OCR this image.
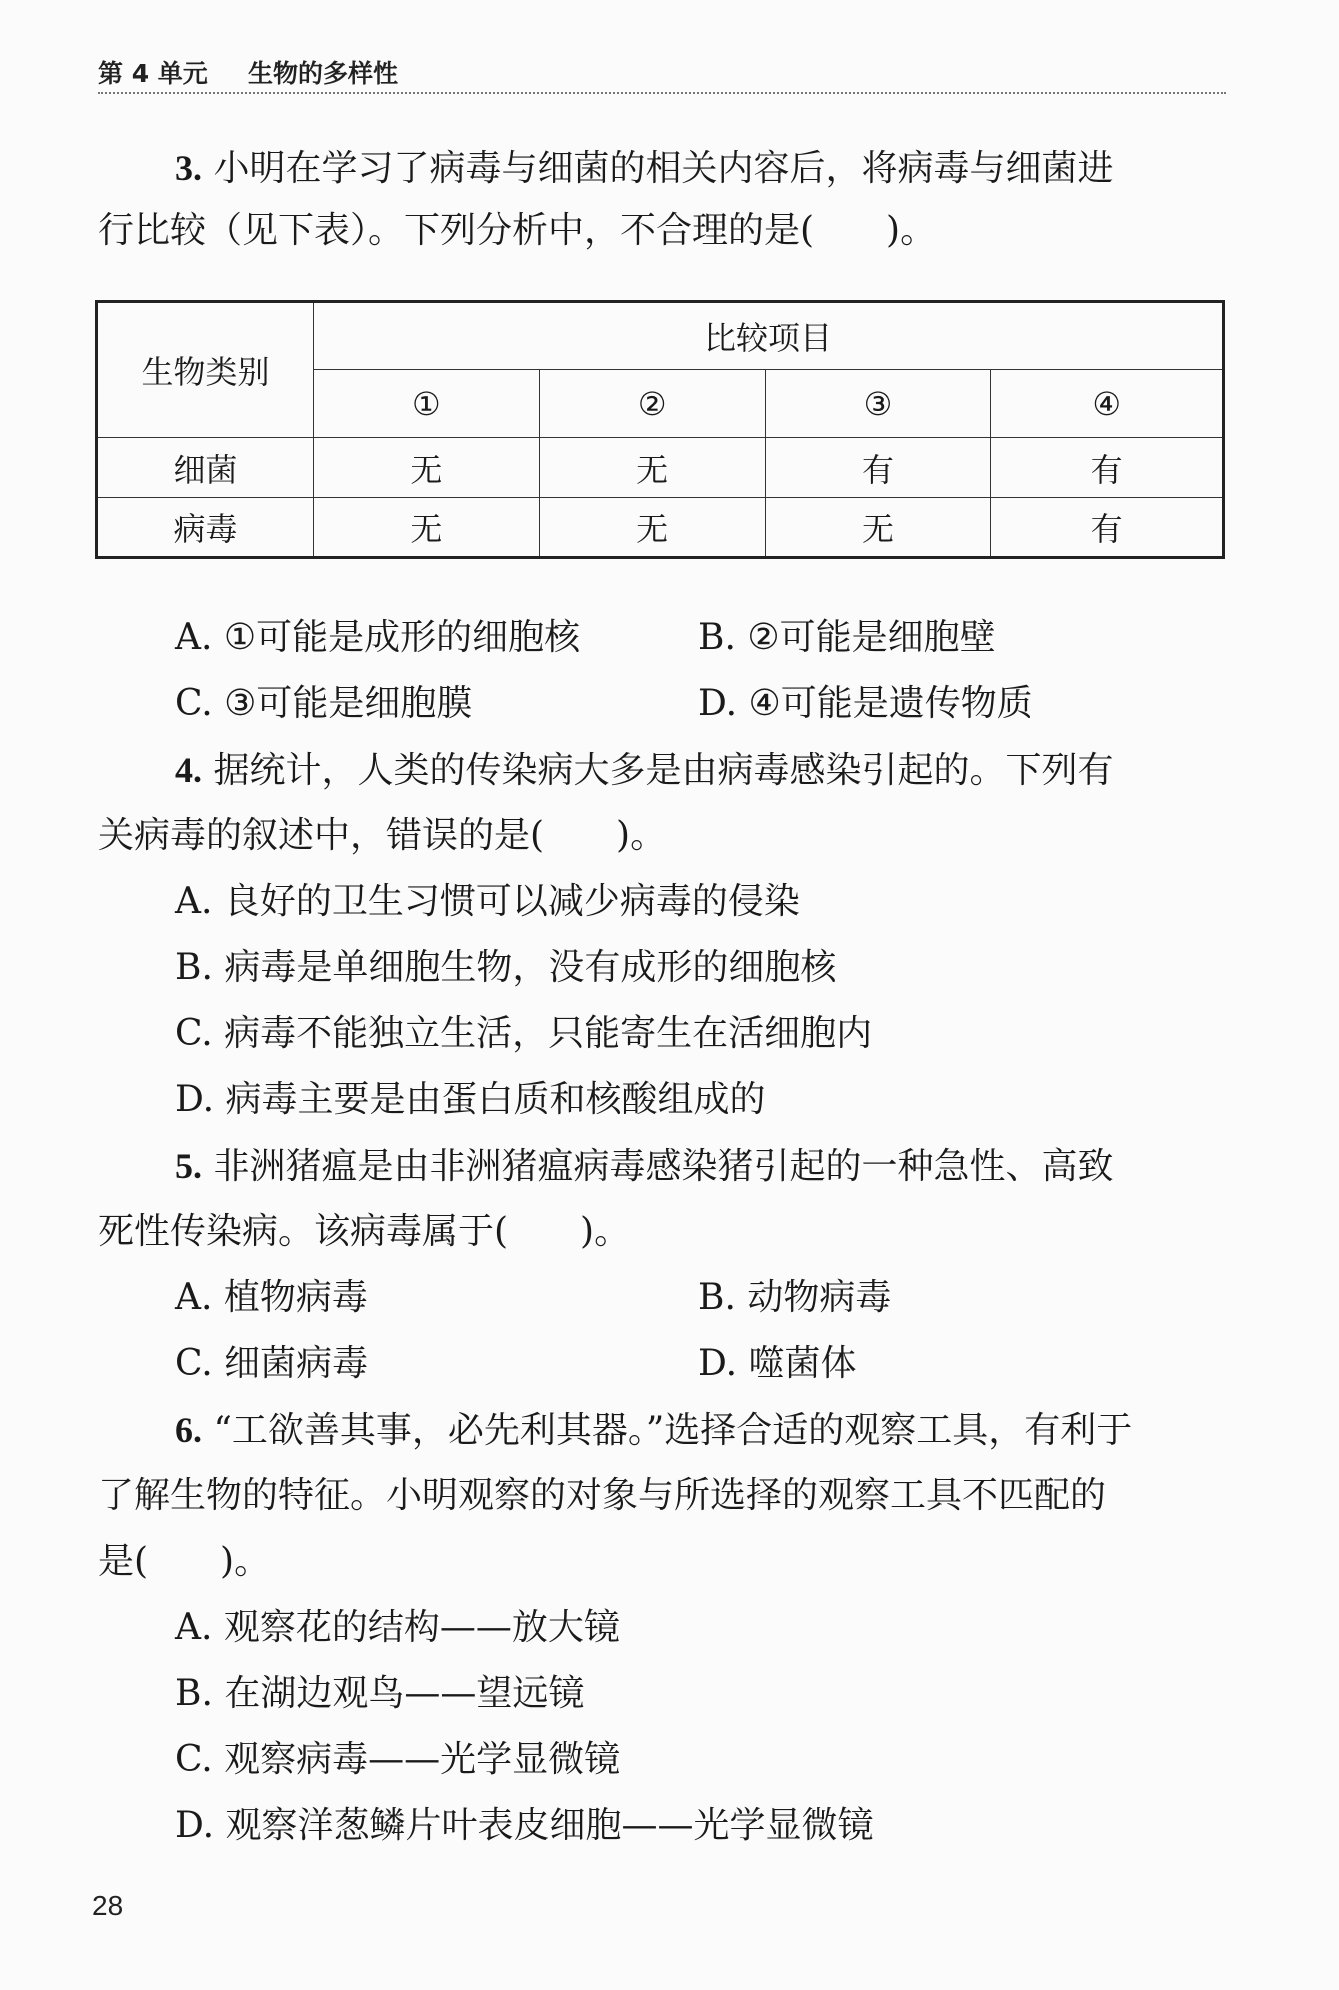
第 4 单元 生物的多样性
3. 小明在学习了病毒与细菌的相关内容后，将病毒与细菌进
行比较（见下表）。下列分析中，不合理的是(　　)。
生物类别	比较项目			
	①	②	③	④
细菌	无	无	有	有
病毒	无	无	无	有
A. ①可能是成形的细胞核	B. ②可能是细胞壁
C. ③可能是细胞膜	D. ④可能是遗传物质
4. 据统计，人类的传染病大多是由病毒感染引起的。下列有
关病毒的叙述中，错误的是(　　)。
A. 良好的卫生习惯可以减少病毒的侵染
B. 病毒是单细胞生物，没有成形的细胞核
C. 病毒不能独立生活，只能寄生在活细胞内
D. 病毒主要是由蛋白质和核酸组成的
5. 非洲猪瘟是由非洲猪瘟病毒感染猪引起的一种急性、高致
死性传染病。该病毒属于(　　)。
A. 植物病毒	B. 动物病毒
C. 细菌病毒	D. 噬菌体
6. “工欲善其事，必先利其器。”选择合适的观察工具，有利于
了解生物的特征。小明观察的对象与所选择的观察工具不匹配的
是(　　)。
A. 观察花的结构——放大镜
B. 在湖边观鸟——望远镜
C. 观察病毒——光学显微镜
D. 观察洋葱鳞片叶表皮细胞——光学显微镜
28
